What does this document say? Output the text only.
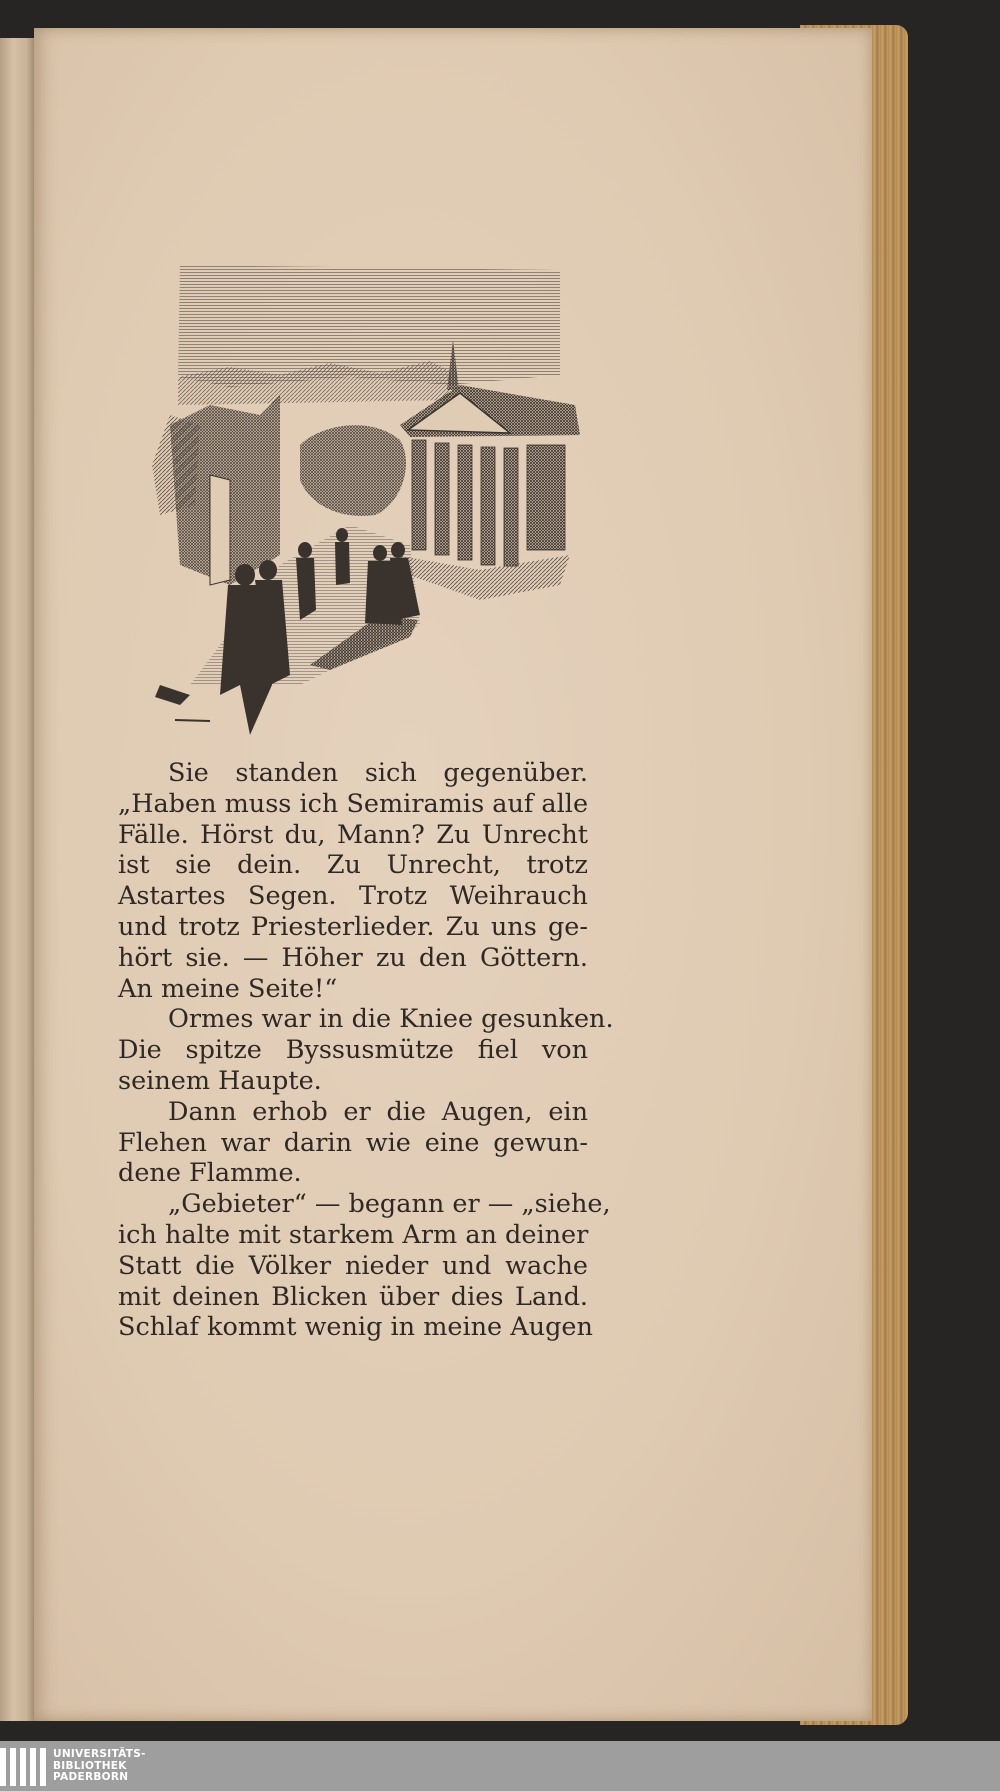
Sie standen sich gegenüber.
„Haben muss ich Semiramis auf alle
Fälle. Hörst du, Mann? Zu Unrecht
ist sie dein. Zu Unrecht, trotz
Astartes Segen. Trotz Weihrauch
und trotz Priesterlieder. Zu uns ge-
hört sie. — Höher zu den Göttern.
An meine Seite!“
Ormes war in die Kniee gesunken.
Die spitze Byssusmütze fiel von
seinem Haupte.
Dann erhob er die Augen, ein
Flehen war darin wie eine gewun-
dene Flamme.
„Gebieter“ — begann er — „siehe,
ich halte mit starkem Arm an deiner
Statt die Völker nieder und wache
mit deinen Blicken über dies Land.
Schlaf kommt wenig in meine Augen
UNIVERSITÄTS-
BIBLIOTHEK
PADERBORN
